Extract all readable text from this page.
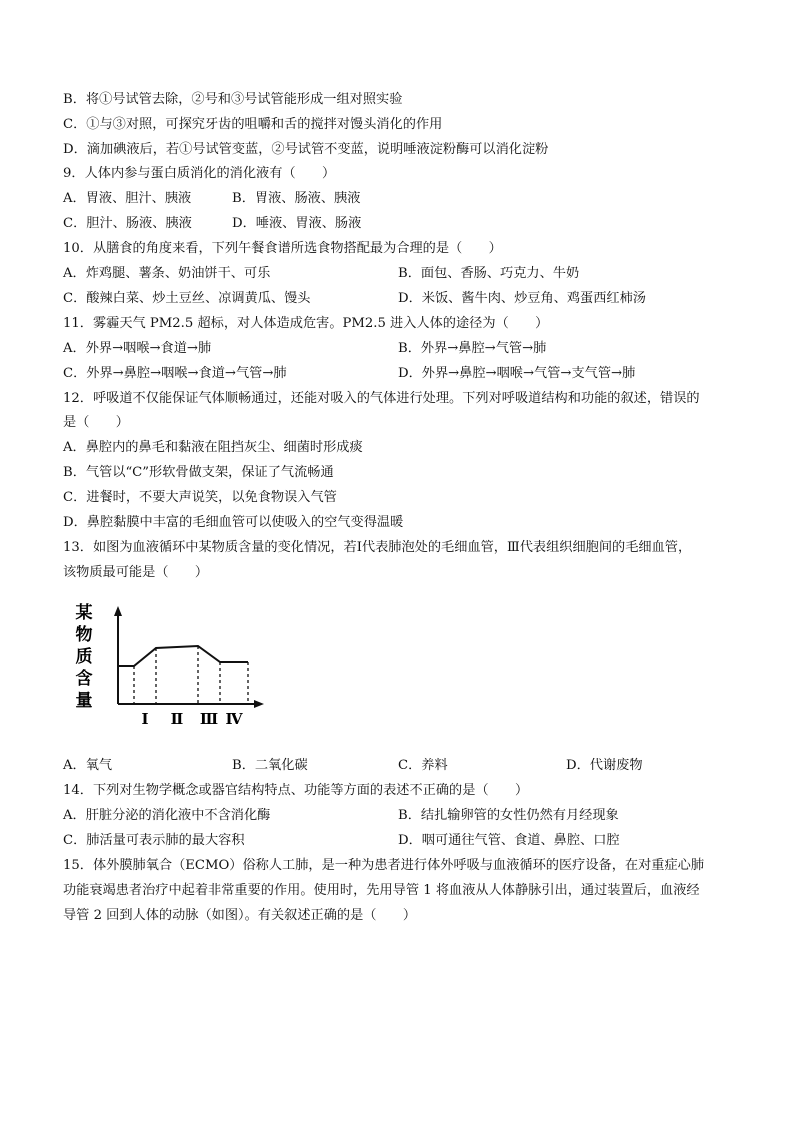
B．将①号试管去除，②号和③号试管能形成一组对照实验
C．①与③对照，可探究牙齿的咀嚼和舌的搅拌对馒头消化的作用
D．滴加碘液后，若①号试管变蓝，②号试管不变蓝，说明唾液淀粉酶可以消化淀粉
9．人体内参与蛋白质消化的消化液有（　　）
A．胃液、胆汁、胰液	B．胃液、肠液、胰液
C．胆汁、肠液、胰液	D．唾液、胃液、肠液
10．从膳食的角度来看，下列午餐食谱所选食物搭配最为合理的是（　　）
A．炸鸡腿、薯条、奶油饼干、可乐	B．面包、香肠、巧克力、牛奶
C．酸辣白菜、炒土豆丝、凉调黄瓜、馒头	D．米饭、酱牛肉、炒豆角、鸡蛋西红柿汤
11．雾霾天气 PM2.5 超标，对人体造成危害。PM2.5 进入人体的途径为（　　）
A．外界→咽喉→食道→肺	B．外界→鼻腔→气管→肺
C．外界→鼻腔→咽喉→食道→气管→肺	D．外界→鼻腔→咽喉→气管→支气管→肺
12．呼吸道不仅能保证气体顺畅通过，还能对吸入的气体进行处理。下列对呼吸道结构和功能的叙述，错误的
是（　　）
A．鼻腔内的鼻毛和黏液在阻挡灰尘、细菌时形成痰
B．气管以“C”形软骨做支架，保证了气流畅通
C．进餐时，不要大声说笑，以免食物误入气管
D．鼻腔黏膜中丰富的毛细血管可以使吸入的空气变得温暖
13．如图为血液循环中某物质含量的变化情况，若Ⅰ代表肺泡处的毛细血管，Ⅲ代表组织细胞间的毛细血管，
该物质最可能是（　　）
某
物
质
含
量
Ⅰ Ⅱ Ⅲ Ⅳ
A．氧气	B．二氧化碳	C．养料	D．代谢废物
14．下列对生物学概念或器官结构特点、功能等方面的表述不正确的是（　　）
A．肝脏分泌的消化液中不含消化酶	B．结扎输卵管的女性仍然有月经现象
C．肺活量可表示肺的最大容积	D．咽可通往气管、食道、鼻腔、口腔
15．体外膜肺氧合（ECMO）俗称人工肺，是一种为患者进行体外呼吸与血液循环的医疗设备，在对重症心肺
功能衰竭患者治疗中起着非常重要的作用。使用时，先用导管 1 将血液从人体静脉引出，通过装置后，血液经
导管 2 回到人体的动脉（如图）。有关叙述正确的是（　　）
